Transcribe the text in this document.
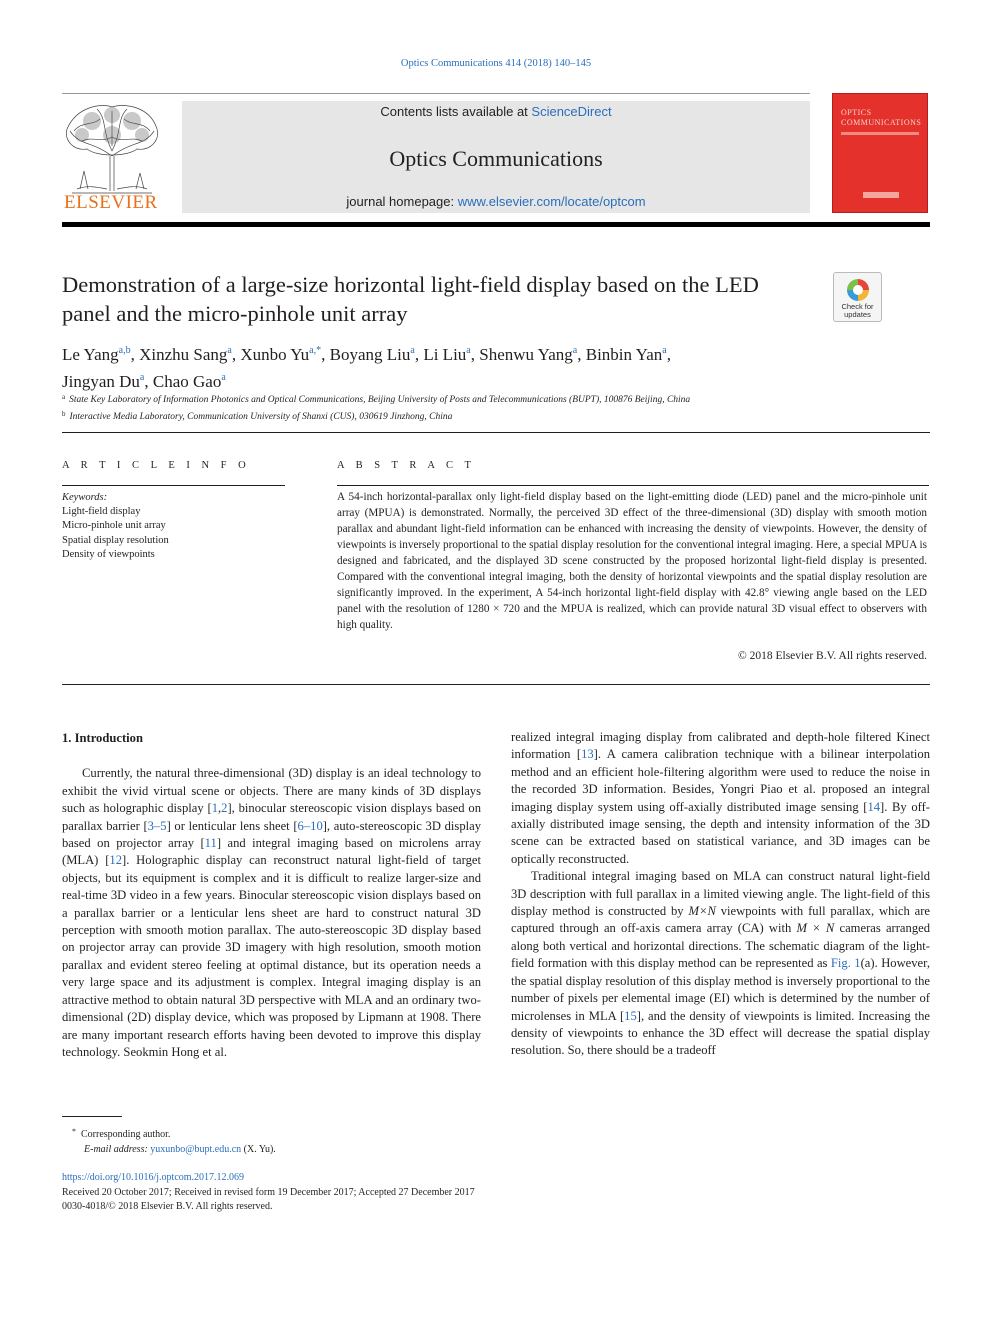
Optics Communications 414 (2018) 140–145
ELSEVIER
Contents lists available at ScienceDirect
Optics Communications
journal homepage: www.elsevier.com/locate/optcom
OPTICS COMMUNICATIONS
Demonstration of a large-size horizontal light-field display based on the LED panel and the micro-pinhole unit array	Check for updates
Le Yang$^{a,b}$, Xinzhu Sang$^a$, Xunbo $Yu^{a,*}$, Boyang Liu$^a$, Li Liu$^a$, Shenwu Yang$^a$, Binbin Yan$^a$,
Jingyan Du$^a$, Chao Gao$^a$
$^a$ State Key Laboratory of Information Photonics and Optical Communications, Beijing University of Posts and Telecommunications (BUPT), 100876 Beijing, China
$^b$ Interactive Media Laboratory, Communication University of Shanxi (CUS), 030619 Jinzhong, China
A R T I C L E I N F O	A B S T R A C T
Keywords:
Light-field display
Micro-pinhole unit array
Spatial display resolution
Density of viewpoints
A 54-inch horizontal-parallax only light-field display based on the light-emitting diode (LED) panel and the micro-pinhole unit array (MPUA) is demonstrated. Normally, the perceived 3D effect of the three-dimensional (3D) display with smooth motion parallax and abundant light-field information can be enhanced with increasing the density of viewpoints. However, the density of viewpoints is inversely proportional to the spatial display resolution for the conventional integral imaging. Here, a special MPUA is designed and fabricated, and the displayed 3D scene constructed by the proposed horizontal light-field display is presented. Compared with the conventional integral imaging, both the density of horizontal viewpoints and the spatial display resolution are significantly improved. In the experiment, A 54-inch horizontal light-field display with 42.8° viewing angle based on the LED panel with the resolution of 1280 × 720 and the MPUA is realized, which can provide natural 3D visual effect to observers with high quality.
© 2018 Elsevier B.V. All rights reserved.
1. Introduction

Currently, the natural three-dimensional (3D) display is an ideal technology to exhibit the vivid virtual scene or objects. There are many kinds of 3D displays such as holographic display [1,2], binocular stereoscopic vision displays based on parallax barrier [3–5] or lenticular lens sheet [6–10], auto-stereoscopic 3D display based on projector array [11] and integral imaging based on microlens array (MLA) [12]. Holographic display can reconstruct natural light-field of target objects, but its equipment is complex and it is difficult to realize larger-size and real-time 3D video in a few years. Binocular stereoscopic vision displays based on a parallax barrier or a lenticular lens sheet are hard to construct natural 3D perception with smooth motion parallax. The auto-stereoscopic 3D display based on projector array can provide 3D imagery with high resolution, smooth motion parallax and evident stereo feeling at optimal distance, but its operation needs a very large space and its adjustment is complex. Integral imaging display is an attractive method to obtain natural 3D perspective with MLA and an ordinary two-dimensional (2D) display device, which was proposed by Lipmann at 1908. There are many important research efforts having been devoted to improve this display technology. Seokmin Hong et al.

realized integral imaging display from calibrated and depth-hole filtered Kinect information [13]. A camera calibration technique with a bilinear interpolation method and an efficient hole-filtering algorithm were used to reduce the noise in the recorded 3D information. Besides, Yongri Piao et al. proposed an integral imaging display system using off-axially distributed image sensing [14]. By off-axially distributed image sensing, the depth and intensity information of the 3D scene can be extracted based on statistical variance, and 3D images can be optically reconstructed.

Traditional integral imaging based on MLA can construct natural light-field 3D description with full parallax in a limited viewing angle. The light-field of this display method is constructed by M×N viewpoints with full parallax, which are captured through an off-axis camera array (CA) with M × N cameras arranged along both vertical and horizontal directions. The schematic diagram of the light-field formation with this display method can be represented as Fig. 1(a). However, the spatial display resolution of this display method is inversely proportional to the number of pixels per elemental image (EI) which is determined by the number of microlenses in MLA [15], and the density of viewpoints is limited. Increasing the density of viewpoints to enhance the 3D effect will decrease the spatial display resolution. So, there should be a tradeoff

* Corresponding author.
E-mail address: yuxunbo@bupt.edu.cn (X. Yu).
https://doi.org/10.1016/j.optcom.2017.12.069
Received 20 October 2017; Received in revised form 19 December 2017; Accepted 27 December 2017
0030-4018/© 2018 Elsevier B.V. All rights reserved.
